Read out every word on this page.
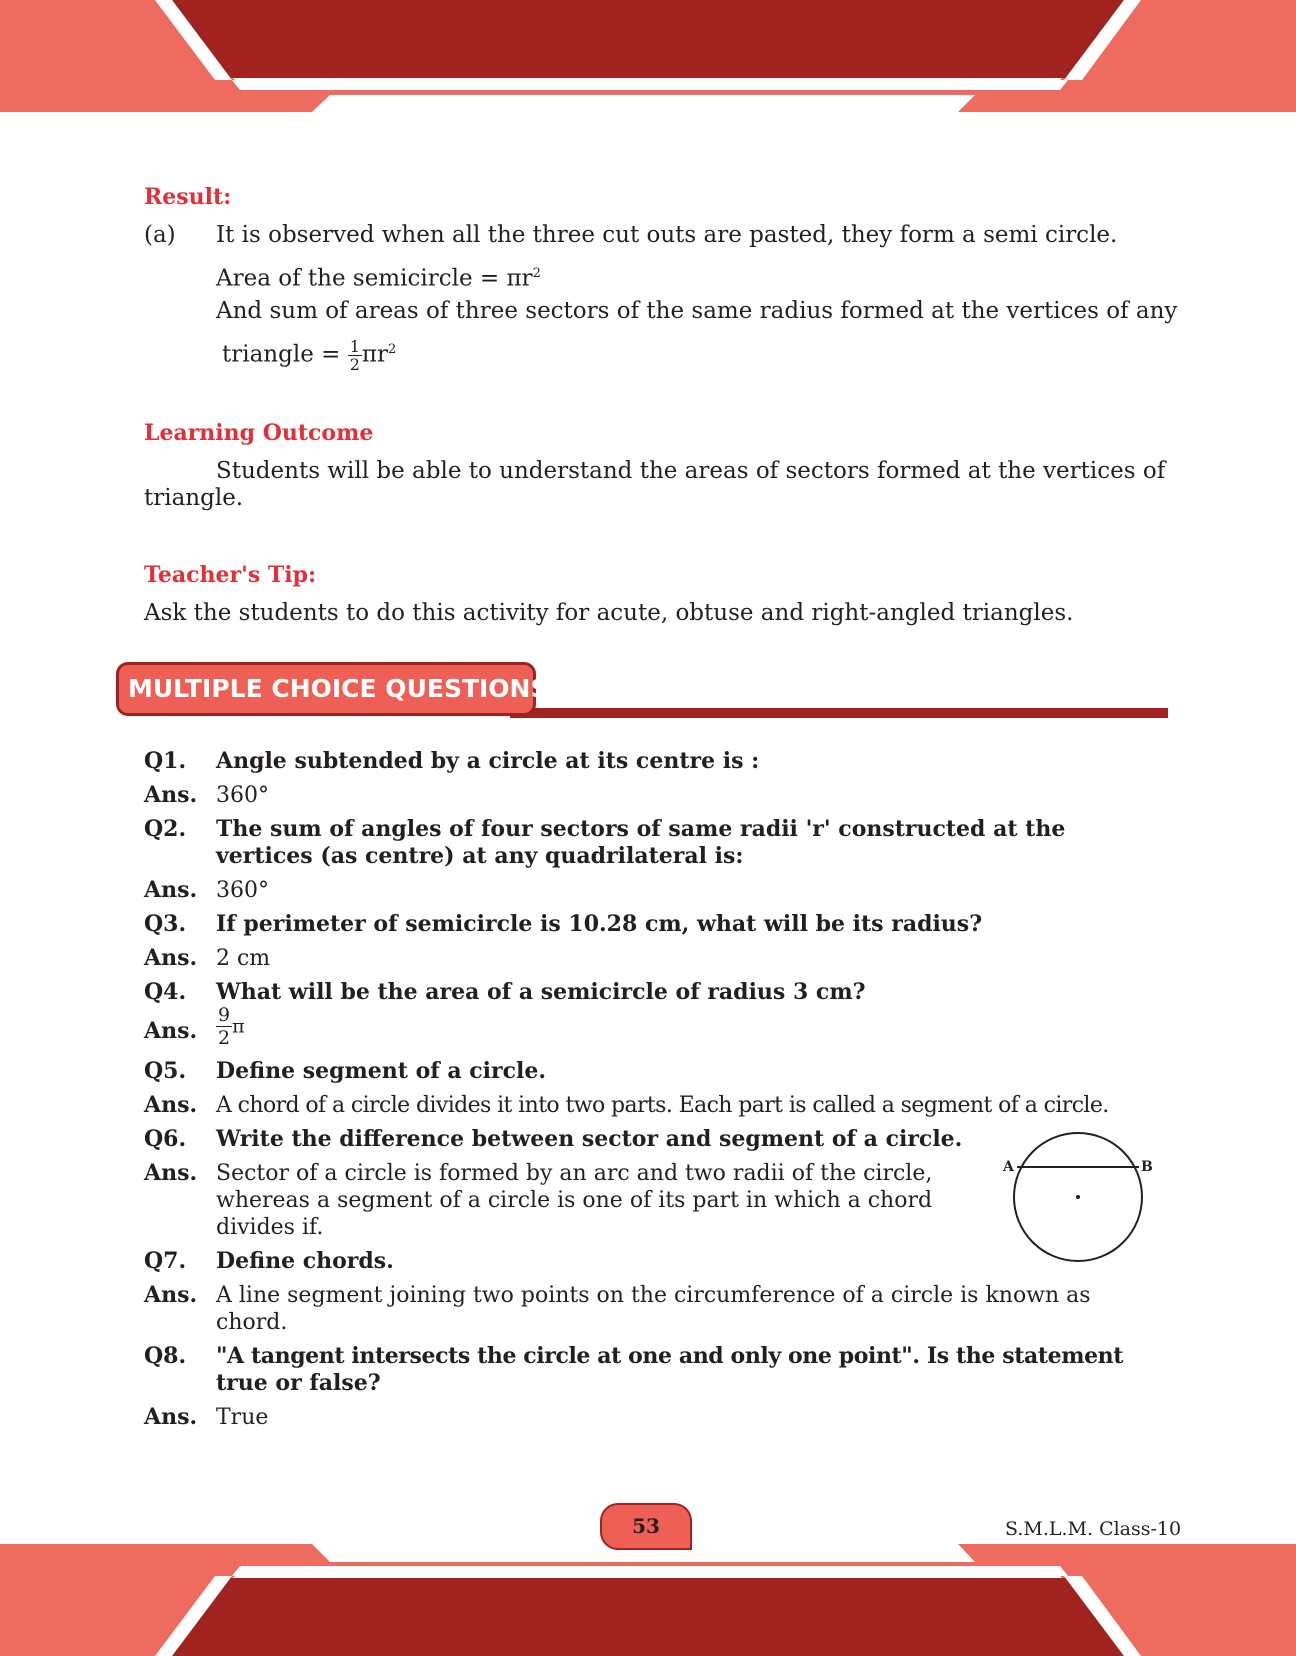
Result:
(a) It is observed when all the three cut outs are pasted, they form a semi circle.
Area of the semicircle = $\pi r^2$
And sum of areas of three sectors of the same radius formed at the vertices of any
triangle = $\frac{1}{2} \pi r^2$
Learning Outcome
Students will be able to understand the areas of sectors formed at the vertices of
triangle.
Teacher's Tip:
Ask the students to do this activity for acute, obtuse and right-angled triangles.
MULTIPLE CHOICE QUESTIONS
Q1. Angle subtended by a circle at its centre is :
Ans. 360°
Q2. The sum of angles of four sectors of same radii 'r' constructed at the
vertices (as centre) at any quadrilateral is:
Ans. 360°
Q3. If perimeter of semicircle is 10.28 cm, what will be its radius?
Ans. 2 cm
Q4. What will be the area of a semicircle of radius 3 cm?
Ans. $\frac{9}{2}$ π
Q5. Define segment of a circle.
Ans. A chord of a circle divides it into two parts. Each part is called a segment of a circle.
Q6. Write the difference between sector and segment of a circle.
Ans. Sector of a circle is formed by an arc and two radii of the circle,
whereas a segment of a circle is one of its part in which a chord
divides if.
A	B
Q7. Define chords.
Ans. A line segment joining two points on the circumference of a circle is known as
chord.
Q8. "A tangent intersects the circle at one and only one point". Is the statement
true or false?
Ans. True
53	S.M.L.M. Class-10
